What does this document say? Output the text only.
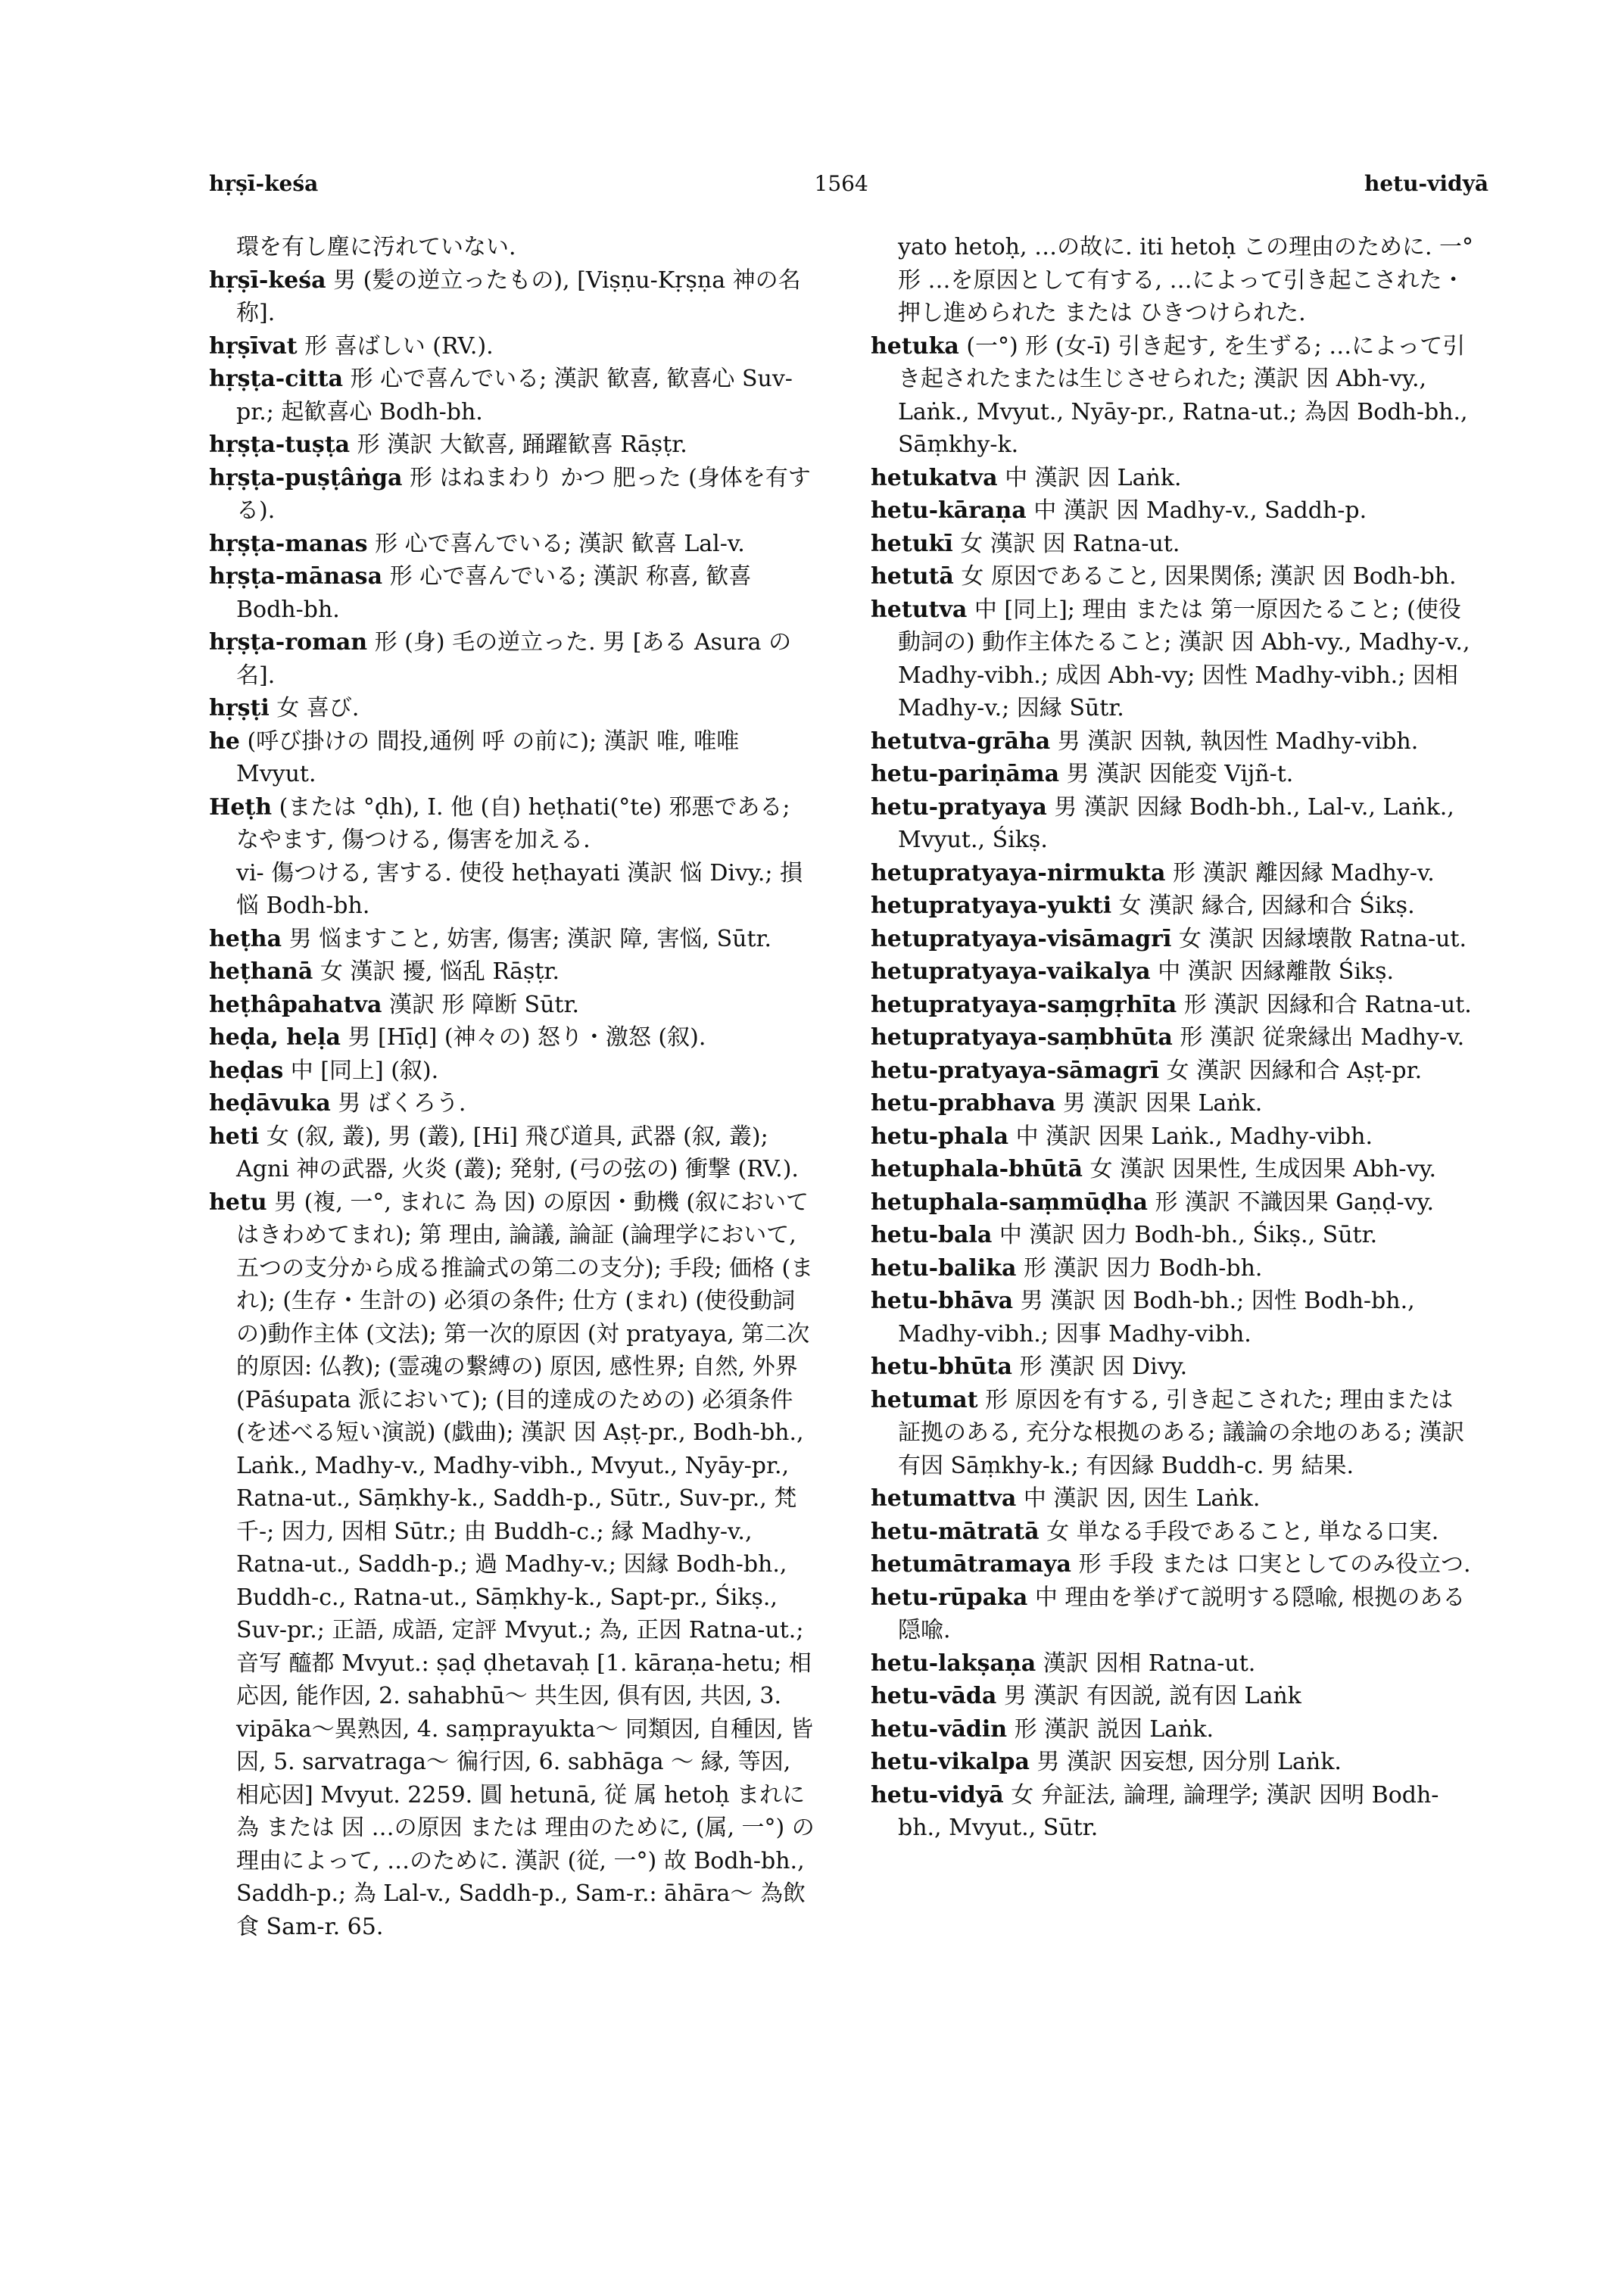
hṛṣī-keśa	1564	hetu-vidyā

環を有し塵に汚れていない.

hṛṣī-keśa 男 (髪の逆立ったもの), [Viṣṇu-Kṛṣṇa 神の名称].

hṛṣīvat 形 喜ばしい (RV.).

hṛṣṭa-citta 形 心で喜んでいる; 漢訳 歓喜, 歓喜心 Suv-pr.; 起歓喜心 Bodh-bh.

hṛṣṭa-tuṣṭa 形 漢訳 大歓喜, 踊躍歓喜 Rāṣṭr.

hṛṣṭa-puṣṭâṅga 形 はねまわり かつ 肥った (身体を有する).

hṛṣṭa-manas 形 心で喜んでいる; 漢訳 歓喜 Lal-v.

hṛṣṭa-mānasa 形 心で喜んでいる; 漢訳 称喜, 歓喜 Bodh-bh.

hṛṣṭa-roman 形 (身) 毛の逆立った. 男 [ある Asura の名].

hṛṣṭi 女 喜び.

he (呼び掛けの 間投,通例 呼 の前に); 漢訳 唯, 唯唯 Mvyut.

Heṭh (または °ḍh), I. 他 (自) heṭhati(°te) 邪悪である; なやます, 傷つける, 傷害を加える.

vi- 傷つける, 害する. 使役 heṭhayati 漢訳 悩 Divy.; 損悩 Bodh-bh.

heṭha 男 悩ますこと, 妨害, 傷害; 漢訳 障, 害悩, Sūtr.

heṭhanā 女 漢訳 擾, 悩乱 Rāṣṭr.

heṭhâpahatva 漢訳 形 障断 Sūtr.

heḍa, heḷa 男 [Hīḍ] (神々の) 怒り・激怒 (叙).

heḍas 中 [同上] (叙).

heḍāvuka 男 ばくろう.

heti 女 (叙, 叢), 男 (叢), [Hi] 飛び道具, 武器 (叙, 叢); Agni 神の武器, 火炎 (叢); 発射, (弓の弦の) 衝撃 (RV.).

hetu 男 (複, 一°, まれに 為 因) の原因・動機 (叙においてはきわめてまれ); 第 理由, 論議, 論証 (論理学において, 五つの支分から成る推論式の第二の支分); 手段; 価格 (まれ); (生存・生計の) 必須の条件; 仕方 (まれ) (使役動詞の)動作主体 (文法); 第一次的原因 (対 pratyaya, 第二次的原因: 仏教); (霊魂の繋縛の) 原因, 感性界; 自然, 外界 (Pāśupata 派において); (目的達成のための) 必須条件 (を述べる短い演説) (戯曲); 漢訳 因 Aṣṭ-pr., Bodh-bh., Laṅk., Madhy-v., Madhy-vibh., Mvyut., Nyāy-pr., Ratna-ut., Sāṃkhy-k., Saddh-p., Sūtr., Suv-pr., 梵千-; 因力, 因相 Sūtr.; 由 Buddh-c.; 縁 Madhy-v., Ratna-ut., Saddh-p.; 過 Madhy-v.; 因縁 Bodh-bh., Buddh-c., Ratna-ut., Sāṃkhy-k., Sapt-pr., Śikṣ., Suv-pr.; 正語, 成語, 定評 Mvyut.; 為, 正因 Ratna-ut.; 音写 醯都 Mvyut.: ṣaḍ ḍhetavaḥ [1. kāraṇa-hetu; 相応因, 能作因, 2. sahabhū～ 共生因, 俱有因, 共因, 3. vipāka～異熟因, 4. saṃprayukta～ 同類因, 自種因, 皆因, 5. sarvatraga～ 徧行因, 6. sabhāga ～ 縁, 等因, 相応因] Mvyut. 2259. 圓 hetunā, 従 属 hetoḥ まれに 為 または 因 …の原因 または 理由のために, (属, 一°) の理由によって, …のために. 漢訳 (従, 一°) 故 Bodh-bh., Saddh-p.; 為 Lal-v., Saddh-p., Sam-r.: āhāra～ 為飲食 Sam-r. 65.

yato hetoḥ, …の故に. iti hetoḥ この理由のために. 一° 形 …を原因として有する, …によって引き起こされた・押し進められた または ひきつけられた.

hetuka (一°) 形 (女-ī) 引き起す, を生ずる; …によって引き起されたまたは生じさせられた; 漢訳 因 Abh-vy., Laṅk., Mvyut., Nyāy-pr., Ratna-ut.; 為因 Bodh-bh., Sāṃkhy-k.

hetukatva 中 漢訳 因 Laṅk.

hetu-kāraṇa 中 漢訳 因 Madhy-v., Saddh-p.

hetukī 女 漢訳 因 Ratna-ut.

hetutā 女 原因であること, 因果関係; 漢訳 因 Bodh-bh.

hetutva 中 [同上]; 理由 または 第一原因たること; (使役動詞の) 動作主体たること; 漢訳 因 Abh-vy., Madhy-v., Madhy-vibh.; 成因 Abh-vy; 因性 Madhy-vibh.; 因相 Madhy-v.; 因縁 Sūtr.

hetutva-grāha 男 漢訳 因執, 執因性 Madhy-vibh.

hetu-pariṇāma 男 漢訳 因能変 Vijñ-t.

hetu-pratyaya 男 漢訳 因縁 Bodh-bh., Lal-v., Laṅk., Mvyut., Śikṣ.

hetupratyaya-nirmukta 形 漢訳 離因縁 Madhy-v.

hetupratyaya-yukti 女 漢訳 縁合, 因縁和合 Śikṣ.

hetupratyaya-visāmagrī 女 漢訳 因縁壊散 Ratna-ut.

hetupratyaya-vaikalya 中 漢訳 因縁離散 Śikṣ.

hetupratyaya-saṃgṛhīta 形 漢訳 因縁和合 Ratna-ut.

hetupratyaya-saṃbhūta 形 漢訳 従衆縁出 Madhy-v.

hetu-pratyaya-sāmagrī 女 漢訳 因縁和合 Aṣṭ-pr.

hetu-prabhava 男 漢訳 因果 Laṅk.

hetu-phala 中 漢訳 因果 Laṅk., Madhy-vibh.

hetuphala-bhūtā 女 漢訳 因果性, 生成因果 Abh-vy.

hetuphala-saṃmūḍha 形 漢訳 不識因果 Gaṇḍ-vy.

hetu-bala 中 漢訳 因力 Bodh-bh., Śikṣ., Sūtr.

hetu-balika 形 漢訳 因力 Bodh-bh.

hetu-bhāva 男 漢訳 因 Bodh-bh.; 因性 Bodh-bh., Madhy-vibh.; 因事 Madhy-vibh.

hetu-bhūta 形 漢訳 因 Divy.

hetumat 形 原因を有する, 引き起こされた; 理由または 証拠のある, 充分な根拠のある; 議論の余地のある; 漢訳 有因 Sāṃkhy-k.; 有因縁 Buddh-c. 男 結果.

hetumattva 中 漢訳 因, 因生 Laṅk.

hetu-mātratā 女 単なる手段であること, 単なる口実.

hetumātramaya 形 手段 または 口実としてのみ役立つ.

hetu-rūpaka 中 理由を挙げて説明する隠喩, 根拠のある隠喩.

hetu-lakṣaṇa 漢訳 因相 Ratna-ut.

hetu-vāda 男 漢訳 有因説, 説有因 Laṅk

hetu-vādin 形 漢訳 説因 Laṅk.

hetu-vikalpa 男 漢訳 因妄想, 因分別 Laṅk.

hetu-vidyā 女 弁証法, 論理, 論理学; 漢訳 因明 Bodh-bh., Mvyut., Sūtr.
